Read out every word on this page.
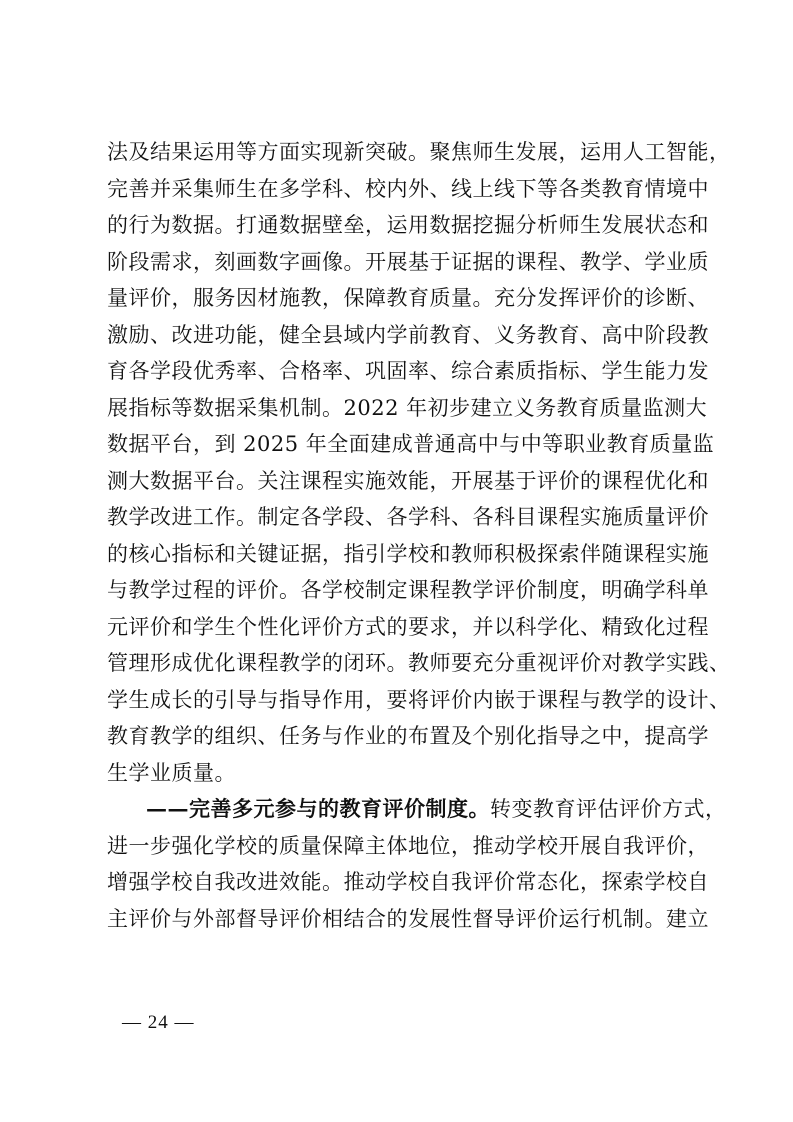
法及结果运用等方面实现新突破。聚焦师生发展，运用人工智能，
完善并采集师生在多学科、校内外、线上线下等各类教育情境中
的行为数据。打通数据壁垒，运用数据挖掘分析师生发展状态和
阶段需求，刻画数字画像。开展基于证据的课程、教学、学业质
量评价，服务因材施教，保障教育质量。充分发挥评价的诊断、
激励、改进功能，健全县域内学前教育、义务教育、高中阶段教
育各学段优秀率、合格率、巩固率、综合素质指标、学生能力发
展指标等数据采集机制。2022 年初步建立义务教育质量监测大
数据平台，到 2025 年全面建成普通高中与中等职业教育质量监
测大数据平台。关注课程实施效能，开展基于评价的课程优化和
教学改进工作。制定各学段、各学科、各科目课程实施质量评价
的核心指标和关键证据，指引学校和教师积极探索伴随课程实施
与教学过程的评价。各学校制定课程教学评价制度，明确学科单
元评价和学生个性化评价方式的要求，并以科学化、精致化过程
管理形成优化课程教学的闭环。教师要充分重视评价对教学实践、
学生成长的引导与指导作用，要将评价内嵌于课程与教学的设计、
教育教学的组织、任务与作业的布置及个别化指导之中，提高学
生学业质量。
——完善多元参与的教育评价制度。转变教育评估评价方式，
进一步强化学校的质量保障主体地位，推动学校开展自我评价，
增强学校自我改进效能。推动学校自我评价常态化，探索学校自
主评价与外部督导评价相结合的发展性督导评价运行机制。建立
— 24 —
